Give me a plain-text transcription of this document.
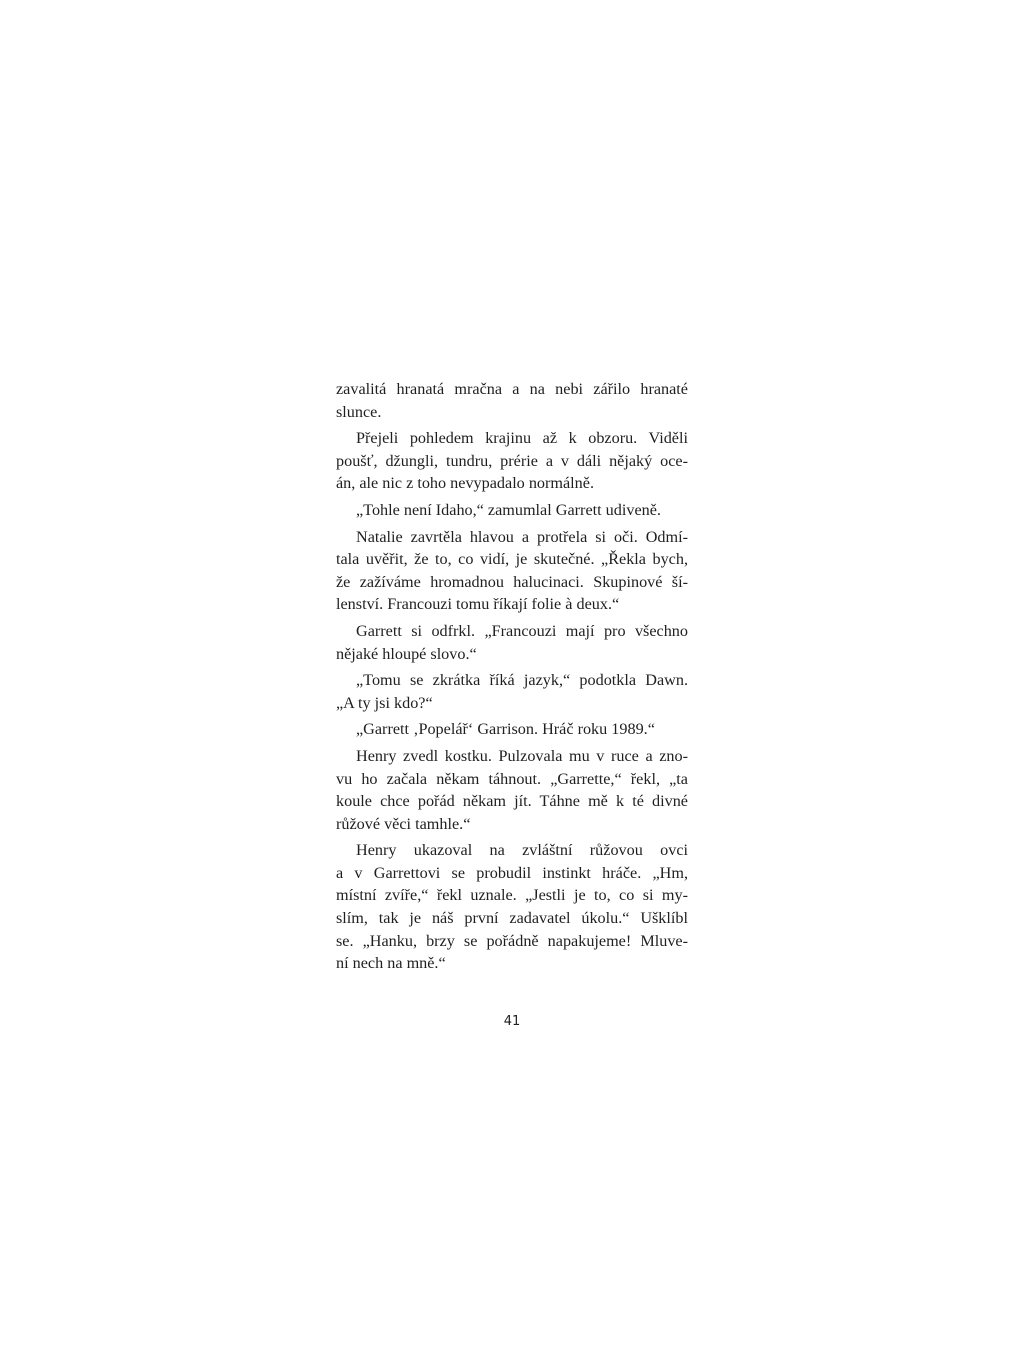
zavalitá hranatá mračna a na nebi zářilo hranaté
slunce.
Přejeli pohledem krajinu až k obzoru. Viděli
poušť, džungli, tundru, prérie a v dáli nějaký oce-
án, ale nic z toho nevypadalo normálně.
„Tohle není Idaho,“ zamumlal Garrett udiveně.
Natalie zavrtěla hlavou a protřela si oči. Odmí-
tala uvěřit, že to, co vidí, je skutečné. „Řekla bych,
že zažíváme hromadnou halucinaci. Skupinové ší-
lenství. Francouzi tomu říkají folie à deux.“
Garrett si odfrkl. „Francouzi mají pro všechno
nějaké hloupé slovo.“
„Tomu se zkrátka říká jazyk,“ podotkla Dawn.
„A ty jsi kdo?“
„Garrett ‚Popelář‘ Garrison. Hráč roku 1989.“
Henry zvedl kostku. Pulzovala mu v ruce a zno-
vu ho začala někam táhnout. „Garrette,“ řekl, „ta
koule chce pořád někam jít. Táhne mě k té divné
růžové věci tamhle.“
Henry ukazoval na zvláštní růžovou ovci
a v Garrettovi se probudil instinkt hráče. „Hm,
místní zvíře,“ řekl uznale. „Jestli je to, co si my-
slím, tak je náš první zadavatel úkolu.“ Ušklíbl
se. „Hanku, brzy se pořádně napakujeme! Mluve-
ní nech na mně.“
41
